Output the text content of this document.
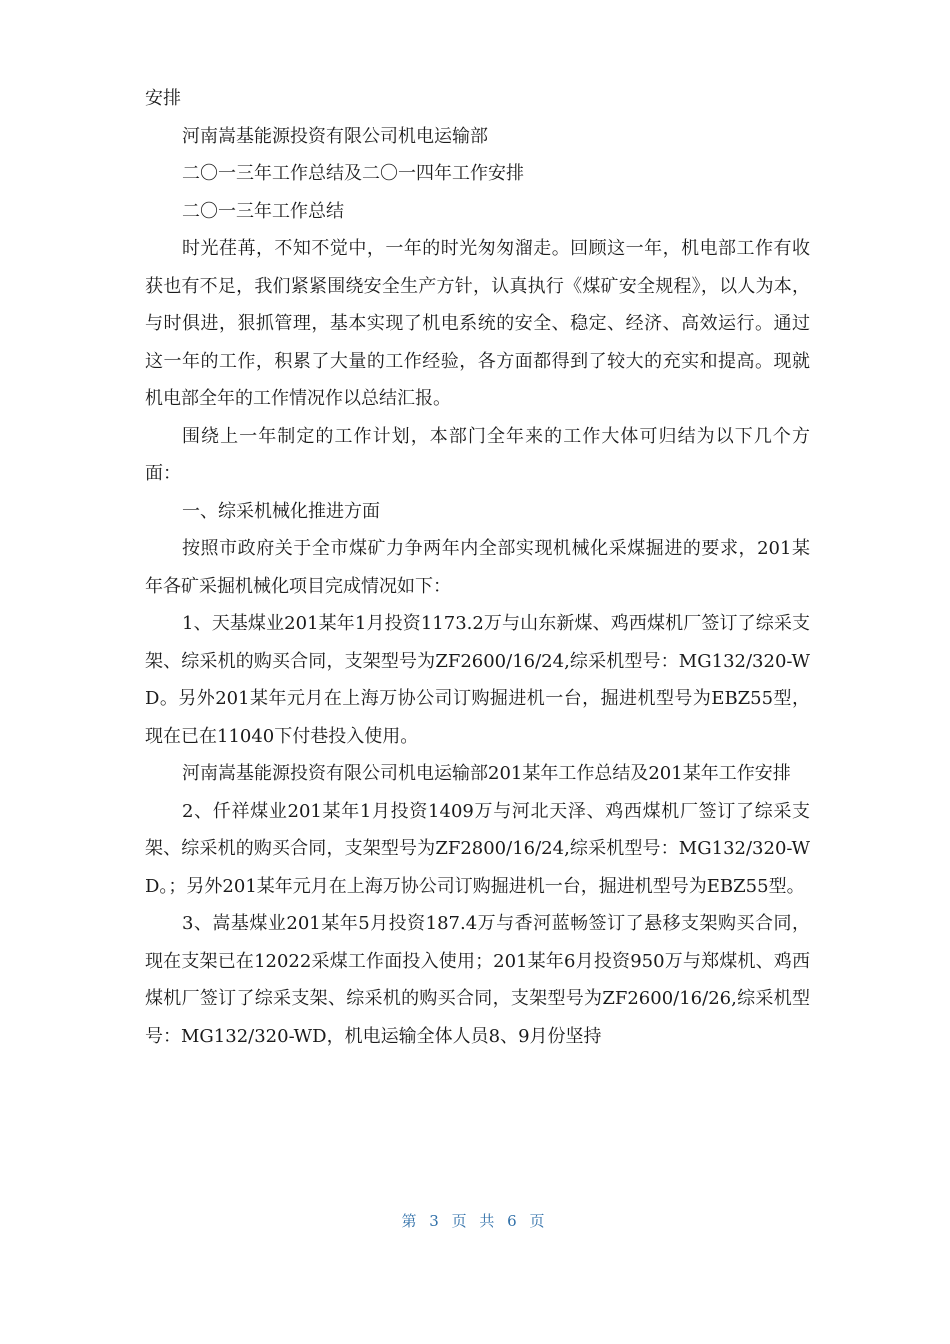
安排

河南嵩基能源投资有限公司机电运输部

二〇一三年工作总结及二〇一四年工作安排

二〇一三年工作总结

时光荏苒，不知不觉中，一年的时光匆匆溜走。回顾这一年，机电部工作有收获也有不足，我们紧紧围绕安全生产方针，认真执行《煤矿安全规程》，以人为本，与时俱进，狠抓管理，基本实现了机电系统的安全、稳定、经济、高效运行。通过这一年的工作，积累了大量的工作经验，各方面都得到了较大的充实和提高。现就机电部全年的工作情况作以总结汇报。

围绕上一年制定的工作计划，本部门全年来的工作大体可归结为以下几个方面：

一、综采机械化推进方面

按照市政府关于全市煤矿力争两年内全部实现机械化采煤掘进的要求，201某年各矿采掘机械化项目完成情况如下：

1、天基煤业201某年1月投资1173.2万与山东新煤、鸡西煤机厂签订了综采支架、综采机的购买合同，支架型号为ZF2600/16/24,综采机型号：MG132/320-WD。另外201某年元月在上海万协公司订购掘进机一台，掘进机型号为EBZ55型，现在已在11040下付巷投入使用。

河南嵩基能源投资有限公司机电运输部201某年工作总结及201某年工作安排

2、仟祥煤业201某年1月投资1409万与河北天泽、鸡西煤机厂签订了综采支架、综采机的购买合同，支架型号为ZF2800/16/24,综采机型号：MG132/320-WD。；另外201某年元月在上海万协公司订购掘进机一台，掘进机型号为EBZ55型。

3、嵩基煤业201某年5月投资187.4万与香河蓝畅签订了悬移支架购买合同，现在支架已在12022采煤工作面投入使用；201某年6月投资950万与郑煤机、鸡西煤机厂签订了综采支架、综采机的购买合同，支架型号为ZF2600/16/26,综采机型号：MG132/320-WD，机电运输全体人员8、9月份坚持

第 3 页 共 6 页
